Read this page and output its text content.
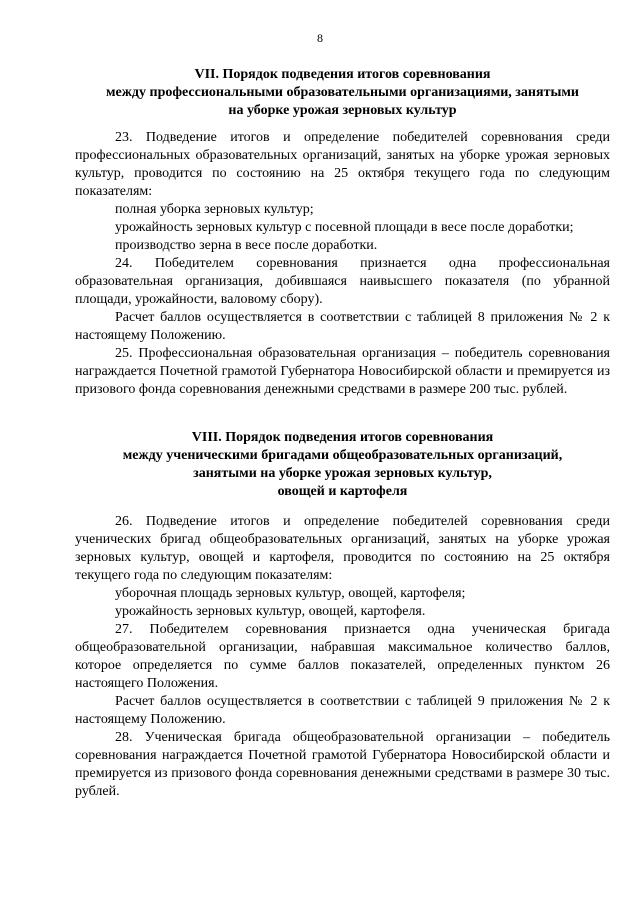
8
VII. Порядок подведения итогов соревнования
между профессиональными образовательными организациями, занятыми
на уборке урожая зерновых культур

23. Подведение итогов и определение победителей соревнования среди профессиональных образовательных организаций, занятых на уборке урожая зерновых культур, проводится по состоянию на 25 октября текущего года по следующим показателям:

полная уборка зерновых культур;

урожайность зерновых культур с посевной площади в весе после доработки;

производство зерна в весе после доработки.

24. Победителем соревнования признается одна профессиональная образовательная организация, добившаяся наивысшего показателя (по убранной площади, урожайности, валовому сбору).

Расчет баллов осуществляется в соответствии с таблицей 8 приложения № 2 к настоящему Положению.

25. Профессиональная образовательная организация – победитель соревнования награждается Почетной грамотой Губернатора Новосибирской области и премируется из призового фонда соревнования денежными средствами в размере 200 тыс. рублей.

VIII. Порядок подведения итогов соревнования
между ученическими бригадами общеобразовательных организаций,
занятыми на уборке урожая зерновых культур,
овощей и картофеля

26. Подведение итогов и определение победителей соревнования среди ученических бригад общеобразовательных организаций, занятых на уборке урожая зерновых культур, овощей и картофеля, проводится по состоянию на 25 октября текущего года по следующим показателям:

уборочная площадь зерновых культур, овощей, картофеля;

урожайность зерновых культур, овощей, картофеля.

27. Победителем соревнования признается одна ученическая бригада общеобразовательной организации, набравшая максимальное количество баллов, которое определяется по сумме баллов показателей, определенных пунктом 26 настоящего Положения.

Расчет баллов осуществляется в соответствии с таблицей 9 приложения № 2 к настоящему Положению.

28. Ученическая бригада общеобразовательной организации – победитель соревнования награждается Почетной грамотой Губернатора Новосибирской области и премируется из призового фонда соревнования денежными средствами в размере 30 тыс. рублей.
